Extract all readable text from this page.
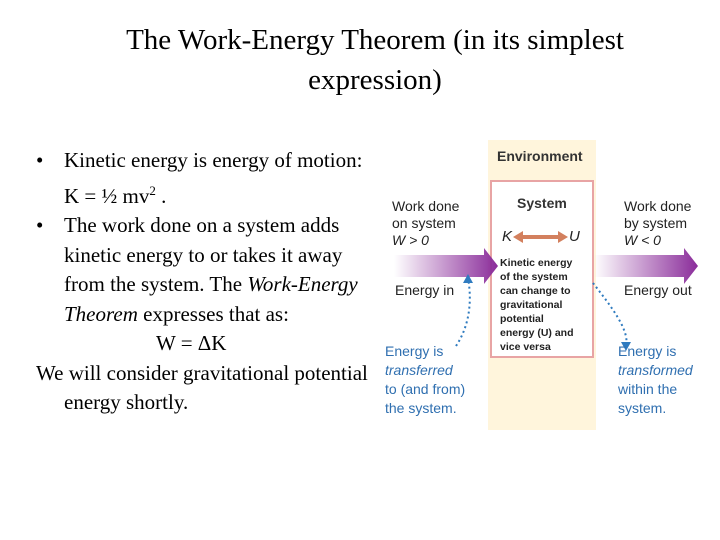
The Work-Energy Theorem (in its simplest expression)
• Kinetic energy is energy of motion: K = ½ $mv^2$ .
• The work done on a system adds kinetic energy to or takes it away from the system. The Work-Energy Theorem expresses that as:
W = ΔK
We will consider gravitational potential energy shortly.
Environment
System
K	U
Work done
on system
W > 0
Work done
by system
W < 0
Energy in	Energy out
Kinetic energy
of the system
can change to
gravitational
potential
energy (U) and
vice versa
Energy is
transferred
to (and from)
the system.
Energy is
transformed
within the
system.
